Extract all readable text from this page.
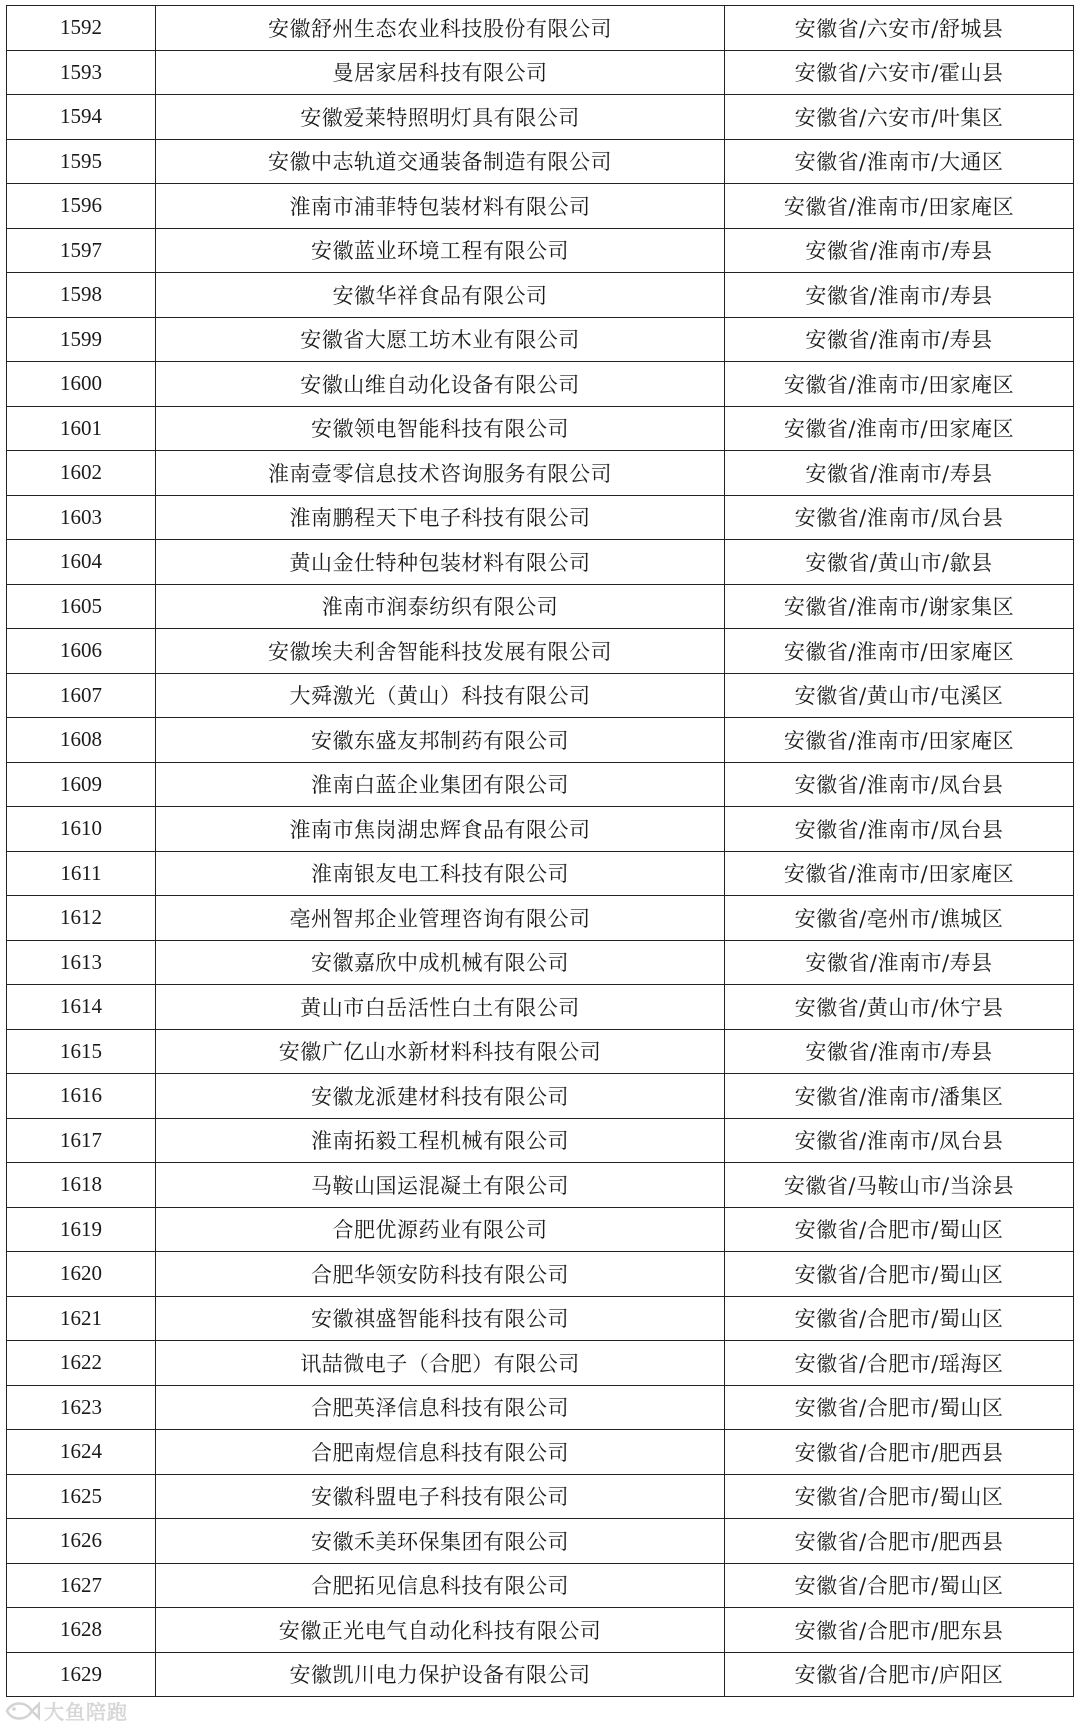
1592	安徽舒州生态农业科技股份有限公司	安徽省/六安市/舒城县
1593	曼居家居科技有限公司	安徽省/六安市/霍山县
1594	安徽爱莱特照明灯具有限公司	安徽省/六安市/叶集区
1595	安徽中志轨道交通装备制造有限公司	安徽省/淮南市/大通区
1596	淮南市浦菲特包装材料有限公司	安徽省/淮南市/田家庵区
1597	安徽蓝业环境工程有限公司	安徽省/淮南市/寿县
1598	安徽华祥食品有限公司	安徽省/淮南市/寿县
1599	安徽省大愿工坊木业有限公司	安徽省/淮南市/寿县
1600	安徽山维自动化设备有限公司	安徽省/淮南市/田家庵区
1601	安徽领电智能科技有限公司	安徽省/淮南市/田家庵区
1602	淮南壹零信息技术咨询服务有限公司	安徽省/淮南市/寿县
1603	淮南鹏程天下电子科技有限公司	安徽省/淮南市/凤台县
1604	黄山金仕特种包装材料有限公司	安徽省/黄山市/歙县
1605	淮南市润泰纺织有限公司	安徽省/淮南市/谢家集区
1606	安徽埃夫利舍智能科技发展有限公司	安徽省/淮南市/田家庵区
1607	大舜激光（黄山）科技有限公司	安徽省/黄山市/屯溪区
1608	安徽东盛友邦制药有限公司	安徽省/淮南市/田家庵区
1609	淮南白蓝企业集团有限公司	安徽省/淮南市/凤台县
1610	淮南市焦岗湖忠辉食品有限公司	安徽省/淮南市/凤台县
1611	淮南银友电工科技有限公司	安徽省/淮南市/田家庵区
1612	亳州智邦企业管理咨询有限公司	安徽省/亳州市/谯城区
1613	安徽嘉欣中成机械有限公司	安徽省/淮南市/寿县
1614	黄山市白岳活性白土有限公司	安徽省/黄山市/休宁县
1615	安徽广亿山水新材料科技有限公司	安徽省/淮南市/寿县
1616	安徽龙派建材科技有限公司	安徽省/淮南市/潘集区
1617	淮南拓毅工程机械有限公司	安徽省/淮南市/凤台县
1618	马鞍山国运混凝土有限公司	安徽省/马鞍山市/当涂县
1619	合肥优源药业有限公司	安徽省/合肥市/蜀山区
1620	合肥华领安防科技有限公司	安徽省/合肥市/蜀山区
1621	安徽祺盛智能科技有限公司	安徽省/合肥市/蜀山区
1622	讯喆微电子（合肥）有限公司	安徽省/合肥市/瑶海区
1623	合肥英泽信息科技有限公司	安徽省/合肥市/蜀山区
1624	合肥南煜信息科技有限公司	安徽省/合肥市/肥西县
1625	安徽科盟电子科技有限公司	安徽省/合肥市/蜀山区
1626	安徽禾美环保集团有限公司	安徽省/合肥市/肥西县
1627	合肥拓见信息科技有限公司	安徽省/合肥市/蜀山区
1628	安徽正光电气自动化科技有限公司	安徽省/合肥市/肥东县
1629	安徽凯川电力保护设备有限公司	安徽省/合肥市/庐阳区
大鱼陪跑
